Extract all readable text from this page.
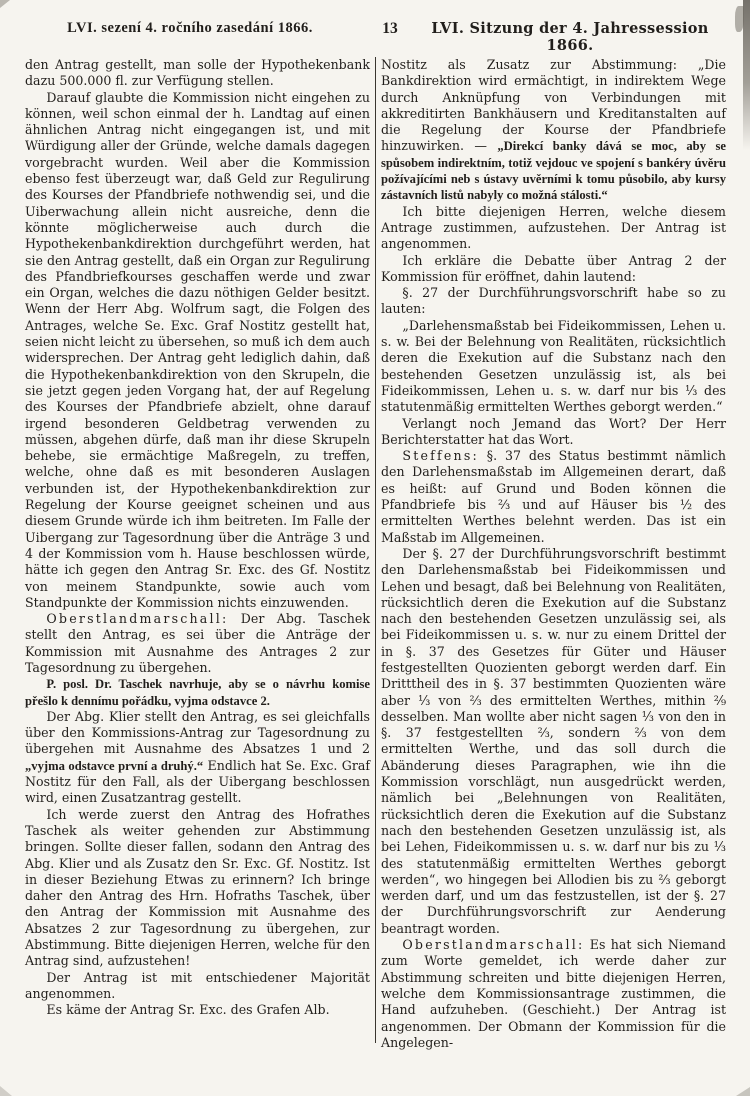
LVI. sezení 4. ročního zasedání 1866.	13	LVI. Sitzung der 4. Jahressession 1866.

den Antrag gestellt, man solle der Hypothekenbank dazu 500.000 fl. zur Verfügung stellen.

Darauf glaubte die Kommission nicht eingehen zu können, weil schon einmal der h. Landtag auf einen ähnlichen Antrag nicht eingegangen ist, und mit Würdigung aller der Gründe, welche damals dagegen vorgebracht wurden. Weil aber die Kommission ebenso fest überzeugt war, daß Geld zur Regulirung des Kourses der Pfandbriefe nothwendig sei, und die Uiberwachung allein nicht ausreiche, denn die könnte möglicherweise auch durch die Hypothekenbankdirektion durchgeführt werden, hat sie den Antrag gestellt, daß ein Organ zur Regulirung des Pfandbriefkourses geschaffen werde und zwar ein Organ, welches die dazu nöthigen Gelder besitzt. Wenn der Herr Abg. Wolfrum sagt, die Folgen des Antrages, welche Se. Exc. Graf Nostitz gestellt hat, seien nicht leicht zu übersehen, so muß ich dem auch widersprechen. Der Antrag geht lediglich dahin, daß die Hypothekenbankdirektion von den Skrupeln, die sie jetzt gegen jeden Vorgang hat, der auf Regelung des Kourses der Pfandbriefe abzielt, ohne darauf irgend besonderen Geldbetrag verwenden zu müssen, abgehen dürfe, daß man ihr diese Skrupeln behebe, sie ermächtige Maßregeln, zu treffen, welche, ohne daß es mit besonderen Auslagen verbunden ist, der Hypothekenbankdirektion zur Regelung der Kourse geeignet scheinen und aus diesem Grunde würde ich ihm beitreten. Im Falle der Uibergang zur Tagesordnung über die Anträge 3 und 4 der Kommission vom h. Hause beschlossen würde, hätte ich gegen den Antrag Sr. Exc. des Gf. Nostitz von meinem Standpunkte, sowie auch vom Standpunkte der Kommission nichts einzuwenden.

Oberstlandmarschall: Der Abg. Taschek stellt den Antrag, es sei über die Anträge der Kommission mit Ausnahme des Antrages 2 zur Tagesordnung zu übergehen.

P. posl. Dr. Taschek navrhuje, aby se o návrhu komise přešlo k dennímu pořádku, vyjma odstavce 2.

Der Abg. Klier stellt den Antrag, es sei gleichfalls über den Kommissions-Antrag zur Tagesordnung zu übergehen mit Ausnahme des Absatzes 1 und 2 „vyjma odstavce první a druhý.“ Endlich hat Se. Exc. Graf Nostitz für den Fall, als der Uibergang beschlossen wird, einen Zusatzantrag gestellt.

Ich werde zuerst den Antrag des Hofrathes Taschek als weiter gehenden zur Abstimmung bringen. Sollte dieser fallen, sodann den Antrag des Abg. Klier und als Zusatz den Sr. Exc. Gf. Nostitz. Ist in dieser Beziehung Etwas zu erinnern? Ich bringe daher den Antrag des Hrn. Hofraths Taschek, über den Antrag der Kommission mit Ausnahme des Absatzes 2 zur Tagesordnung zu übergehen, zur Abstimmung. Bitte diejenigen Herren, welche für den Antrag sind, aufzustehen!

Der Antrag ist mit entschiedener Majorität angenommen.

Es käme der Antrag Sr. Exc. des Grafen Alb.

Nostitz als Zusatz zur Abstimmung: „Die Bankdirektion wird ermächtigt, in indirektem Wege durch Anknüpfung von Verbindungen mit akkreditirten Bankhäusern und Kreditanstalten auf die Regelung der Kourse der Pfandbriefe hinzuwirken. — „Direkcí banky dává se moc, aby se spůsobem indirektním, totiž vejdouc ve spojení s bankéry úvěru požívajícími neb s ústavy uvěrními k tomu působilo, aby kursy zástavních listů nabyly co možná stálosti.“

Ich bitte diejenigen Herren, welche diesem Antrage zustimmen, aufzustehen. Der Antrag ist angenommen.

Ich erkläre die Debatte über Antrag 2 der Kommission für eröffnet, dahin lautend:

§. 27 der Durchführungsvorschrift habe so zu lauten:

„Darlehensmaßstab bei Fideikommissen, Lehen u. s. w. Bei der Belehnung von Realitäten, rücksichtlich deren die Exekution auf die Substanz nach den bestehenden Gesetzen unzulässig ist, als bei Fideikommissen, Lehen u. s. w. darf nur bis ⅓ des statutenmäßig ermittelten Werthes geborgt werden.“

Verlangt noch Jemand das Wort? Der Herr Berichterstatter hat das Wort.

Steffens: §. 37 des Status bestimmt nämlich den Darlehensmaßstab im Allgemeinen derart, daß es heißt: auf Grund und Boden können die Pfandbriefe bis ⅔ und auf Häuser bis ½ des ermittelten Werthes belehnt werden. Das ist ein Maßstab im Allgemeinen.

Der §. 27 der Durchführungsvorschrift bestimmt den Darlehensmaßstab bei Fideikommissen und Lehen und besagt, daß bei Belehnung von Realitäten, rücksichtlich deren die Exekution auf die Substanz nach den bestehenden Gesetzen unzulässig sei, als bei Fideikommissen u. s. w. nur zu einem Drittel der in §. 37 des Gesetzes für Güter und Häuser festgestellten Quozienten geborgt werden darf. Ein Dritttheil des in §. 37 bestimmten Quozienten wäre aber ⅓ von ⅔ des ermittelten Werthes, mithin ²⁄₉ desselben. Man wollte aber nicht sagen ⅓ von den in §. 37 festgestellten ⅔, sondern ⅔ von dem ermittelten Werthe, und das soll durch die Abänderung dieses Paragraphen, wie ihn die Kommission vorschlägt, nun ausgedrückt werden, nämlich bei „Belehnungen von Realitäten, rücksichtlich deren die Exekution auf die Substanz nach den bestehenden Gesetzen unzulässig ist, als bei Lehen, Fideikommissen u. s. w. darf nur bis zu ⅓ des statutenmäßig ermittelten Werthes geborgt werden“, wo hingegen bei Allodien bis zu ⅔ geborgt werden darf, und um das festzustellen, ist der §. 27 der Durchführungsvorschrift zur Aenderung beantragt worden.

Oberstlandmarschall: Es hat sich Niemand zum Worte gemeldet, ich werde daher zur Abstimmung schreiten und bitte diejenigen Herren, welche dem Kommissionsantrage zustimmen, die Hand aufzuheben. (Geschieht.) Der Antrag ist angenommen. Der Obmann der Kommission für die Angelegen-
